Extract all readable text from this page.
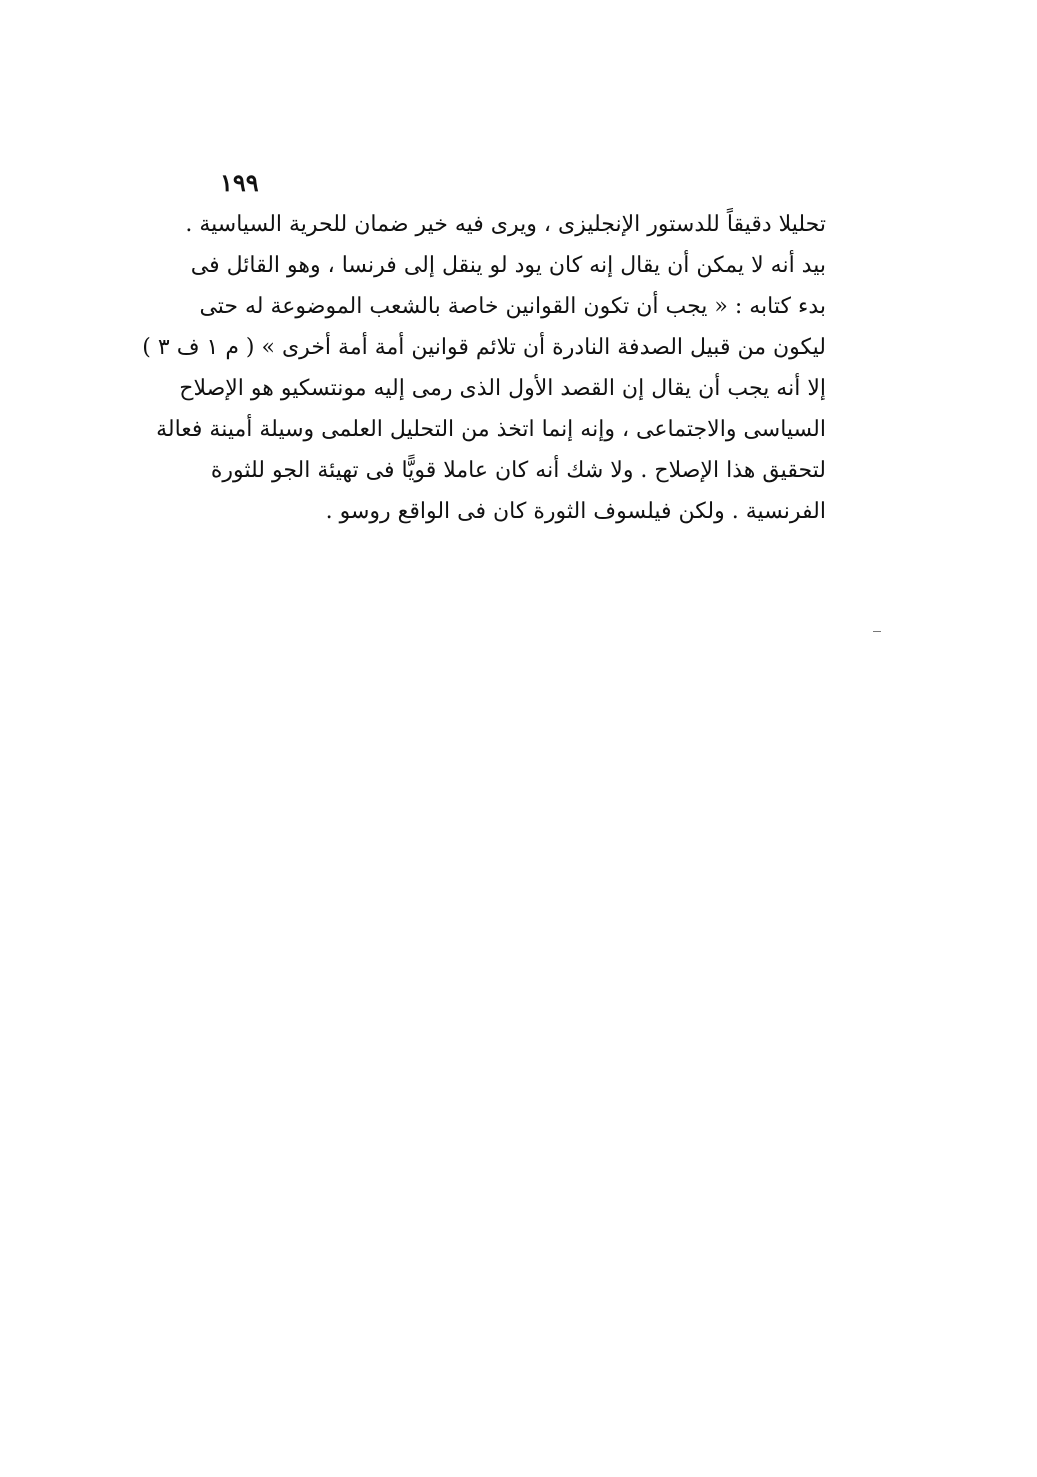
١٩٩
تحليلا دقيقاً للدستور الإنجليزى ، ويرى فيه خير ضمان للحرية السياسية .
بيد أنه لا يمكن أن يقال إنه كان يود لو ينقل إلى فرنسا ، وهو القائل فى
بدء كتابه : « يجب أن تكون القوانين خاصة بالشعب الموضوعة له حتى
ليكون من قبيل الصدفة النادرة أن تلائم قوانين أمة أمة أخرى » ( م ١ ف ٣ )
إلا أنه يجب أن يقال إن القصد الأول الذى رمى إليه مونتسكيو هو الإصلاح
السياسى والاجتماعى ، وإنه إنما اتخذ من التحليل العلمى وسيلة أمينة فعالة
لتحقيق هذا الإصلاح . ولا شك أنه كان عاملا قويًّا فى تهيئة الجو للثورة
الفرنسية . ولكن فيلسوف الثورة كان فى الواقع روسو .
